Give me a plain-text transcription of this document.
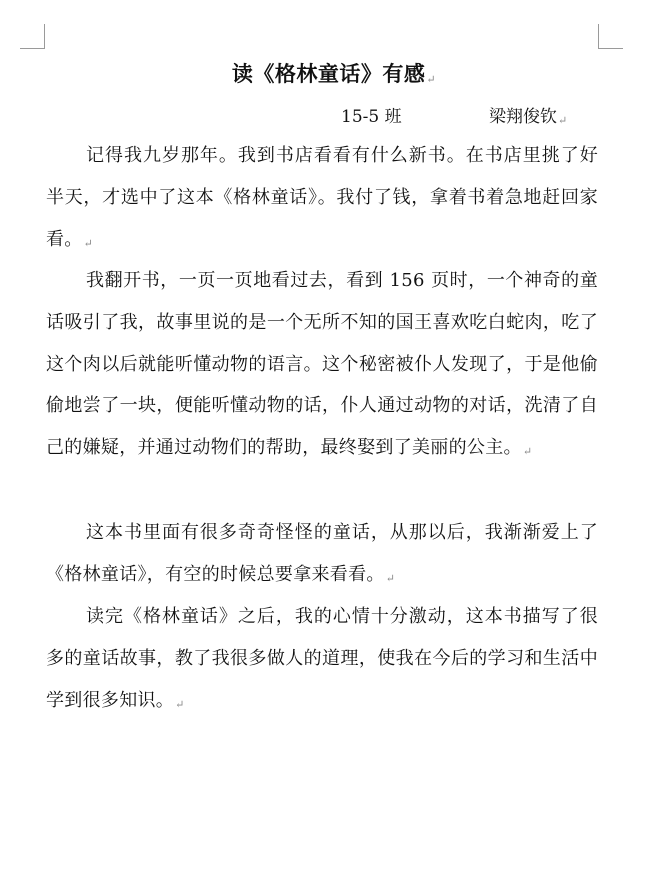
读《格林童话》有感↵
15-5 班	梁翔俊钦↵

记得我九岁那年。我到书店看看有什么新书。在书店里挑了好半天，才选中了这本《格林童话》。我付了钱，拿着书着急地赶回家看。↵

我翻开书，一页一页地看过去，看到 156 页时，一个神奇的童话吸引了我，故事里说的是一个无所不知的国王喜欢吃白蛇肉，吃了这个肉以后就能听懂动物的语言。这个秘密被仆人发现了，于是他偷偷地尝了一块，便能听懂动物的话，仆人通过动物的对话，洗清了自己的嫌疑，并通过动物们的帮助，最终娶到了美丽的公主。↵

这本书里面有很多奇奇怪怪的童话，从那以后，我渐渐爱上了《格林童话》，有空的时候总要拿来看看。↵

读完《格林童话》之后，我的心情十分激动，这本书描写了很多的童话故事，教了我很多做人的道理，使我在今后的学习和生活中学到很多知识。↵
